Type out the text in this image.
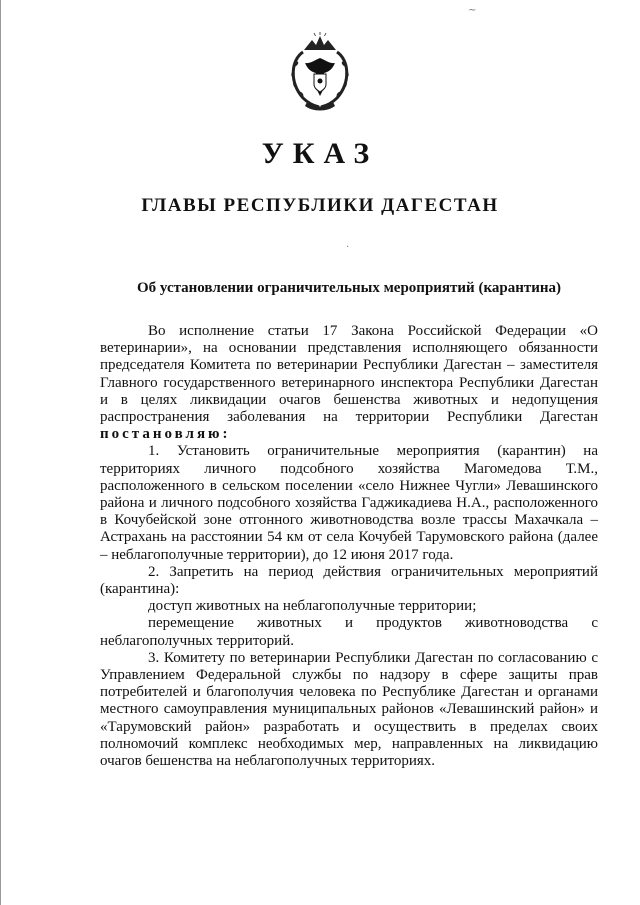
УКАЗ
ГЛАВЫ РЕСПУБЛИКИ ДАГЕСТАН
∼
·

Об установлении ограничительных мероприятий (карантина)

Во исполнение статьи 17 Закона Российской Федерации «О ветеринарии», на основании представления исполняющего обязанности председателя Комитета по ветеринарии Республики Дагестан – заместителя Главного государственного ветеринарного инспектора Республики Дагестан и в целях ликвидации очагов бешенства животных и недопущения распространения заболевания на территории Республики Дагестан постановляю:

1. Установить ограничительные мероприятия (карантин) на территориях личного подсобного хозяйства Магомедова Т.М., расположенного в сельском поселении «село Нижнее Чугли» Левашинского района и личного подсобного хозяйства Гаджикадиева Н.А., расположенного в Кочубейской зоне отгонного животноводства возле трассы Махачкала – Астрахань на расстоянии 54 км от села Кочубей Тарумовского района (далее – неблагополучные территории), до 12 июня 2017 года.

2. Запретить на период действия ограничительных мероприятий (карантина):

доступ животных на неблагополучные территории;

перемещение животных и продуктов животноводства с неблагополучных территорий.

3. Комитету по ветеринарии Республики Дагестан по согласованию с Управлением Федеральной службы по надзору в сфере защиты прав потребителей и благополучия человека по Республике Дагестан и органами местного самоуправления муниципальных районов «Левашинский район» и «Тарумовский район» разработать и осуществить в пределах своих полномочий комплекс необходимых мер, направленных на ликвидацию очагов бешенства на неблагополучных территориях.
